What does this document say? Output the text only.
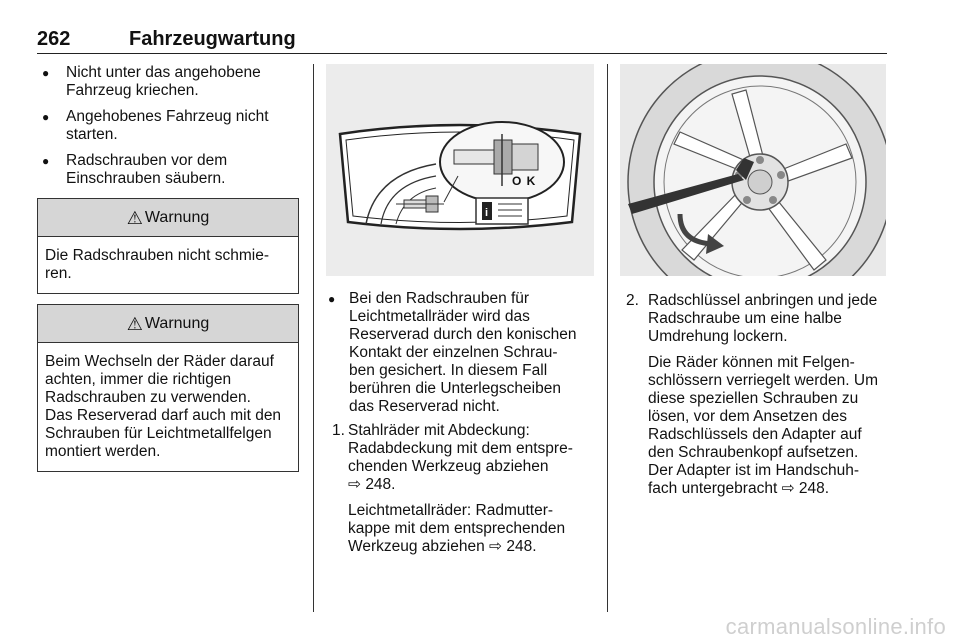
262	Fahrzeugwartung
● Nicht unter das angehobene
Fahrzeug kriechen.
● Angehobenes Fahrzeug nicht
starten.
● Radschrauben vor dem
Einschrauben säubern.
⚠ Warnung
Die Radschrauben nicht schmie-
ren.
⚠ Warnung
Beim Wechseln der Räder darauf
achten, immer die richtigen
Radschrauben zu verwenden.
Das Reserverad darf auch mit den
Schrauben für Leichtmetallfelgen
montiert werden.
i
O K
● Bei den Radschrauben für
Leichtmetallräder wird das
Reserverad durch den konischen
Kontakt der einzelnen Schrau-
ben gesichert. In diesem Fall
berühren die Unterlegscheiben
das Reserverad nicht.
1. Stahlräder mit Abdeckung:
Radabdeckung mit dem entspre-
chenden Werkzeug abziehen
⇨ 248.

Leichtmetallräder: Radmutter-
kappe mit dem entsprechenden
Werkzeug abziehen ⇨ 248.

2. Radschlüssel anbringen und jede
Radschraube um eine halbe
Umdrehung lockern.

Die Räder können mit Felgen-
schlössern verriegelt werden. Um
diese speziellen Schrauben zu
lösen, vor dem Ansetzen des
Radschlüssels den Adapter auf
den Schraubenkopf aufsetzen.
Der Adapter ist im Handschuh-
fach untergebracht ⇨ 248.

carmanualsonline.info
